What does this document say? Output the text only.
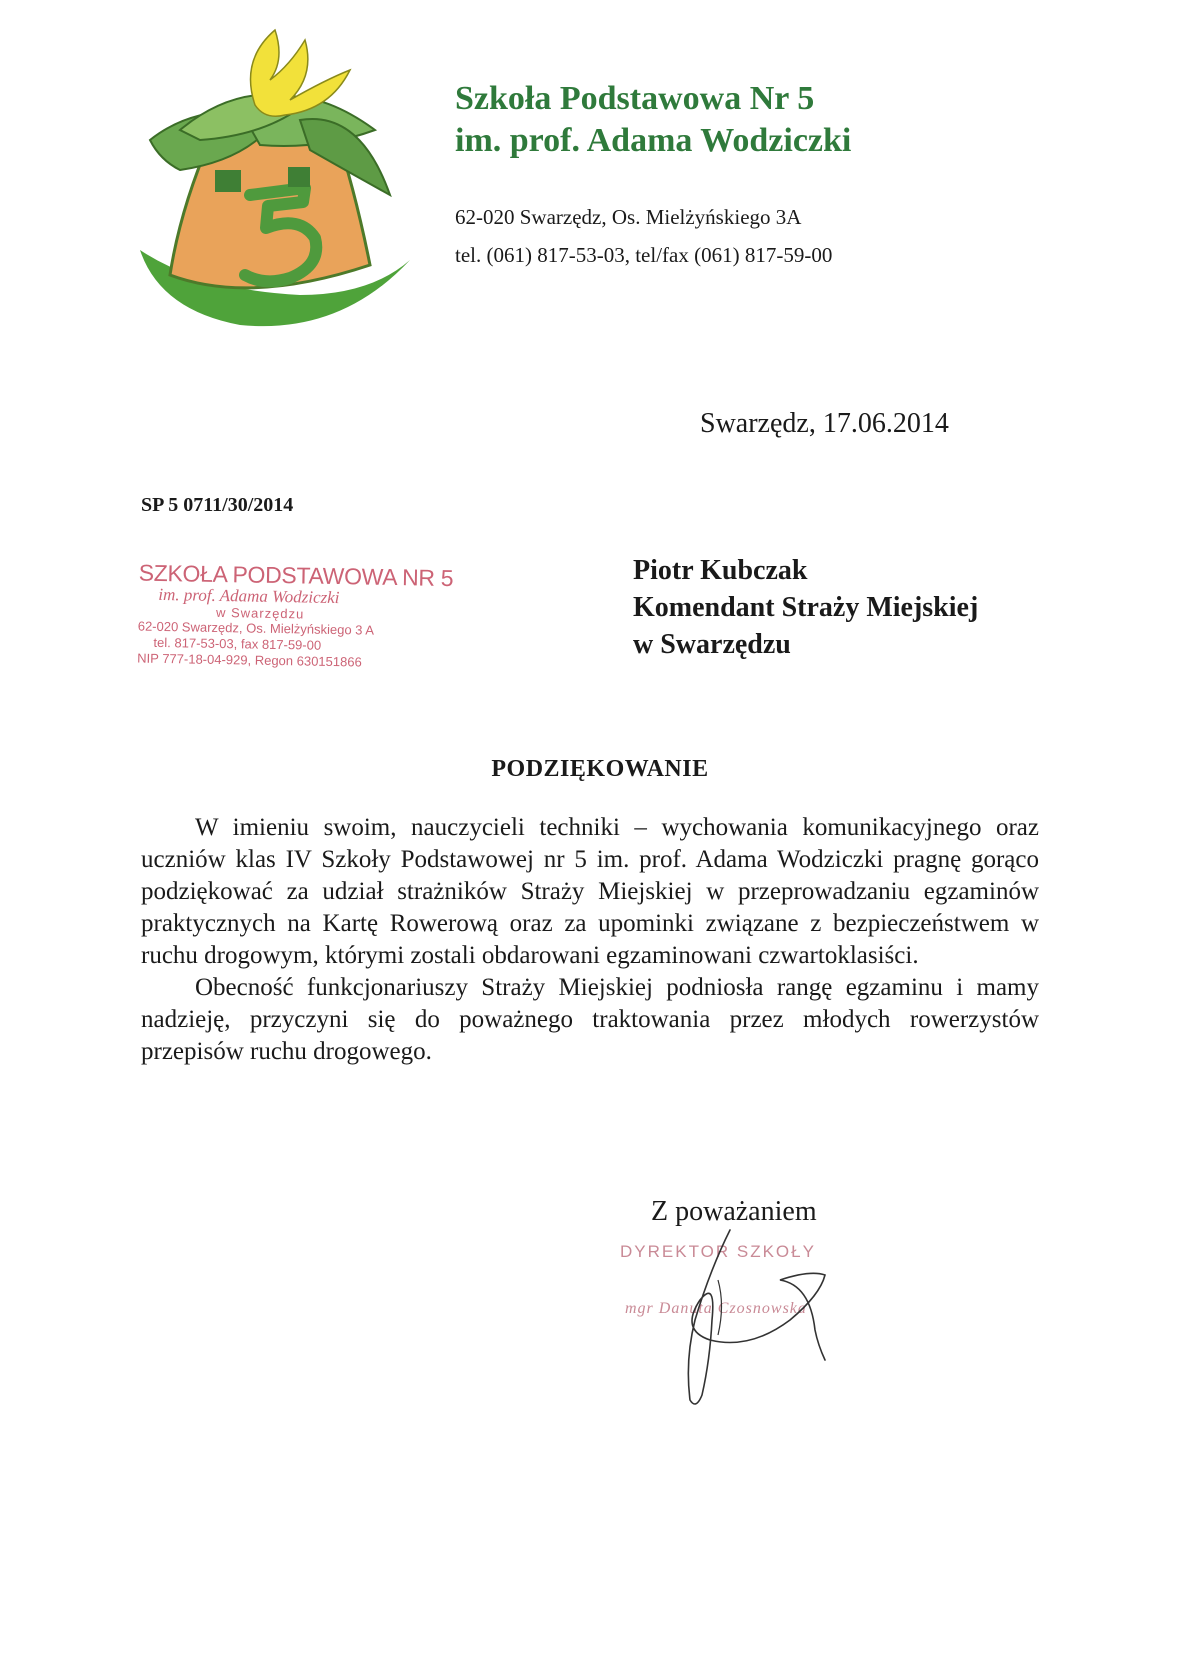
Szkoła Podstawowa Nr 5
im. prof. Adama Wodziczki
62-020 Swarzędz, Os. Mielżyńskiego 3A
tel. (061) 817-53-03, tel/fax (061) 817-59-00
Swarzędz, 17.06.2014
SP 5 0711/30/2014
SZKOŁA PODSTAWOWA NR 5
im. prof. Adama Wodziczki
w Swarzędzu
62-020 Swarzędz, Os. Mielżyńskiego 3 A
tel. 817-53-03, fax 817-59-00
NIP 777-18-04-929, Regon 630151866
Piotr Kubczak
Komendant Straży Miejskiej
w Swarzędzu
PODZIĘKOWANIE

W imieniu swoim, nauczycieli techniki – wychowania komunikacyjnego oraz uczniów klas IV Szkoły Podstawowej nr 5 im. prof. Adama Wodziczki pragnę gorąco podziękować za udział strażników Straży Miejskiej w przeprowadzaniu egzaminów praktycznych na Kartę Rowerową oraz za upominki związane z bezpieczeństwem w ruchu drogowym, którymi zostali obdarowani egzaminowani czwartoklasiści.

Obecność funkcjonariuszy Straży Miejskiej podniosła rangę egzaminu i mamy nadzieję, przyczyni się do poważnego traktowania przez młodych rowerzystów przepisów ruchu drogowego.

Z poważaniem
DYREKTOR SZKOŁY
mgr Danuta Czosnowska
